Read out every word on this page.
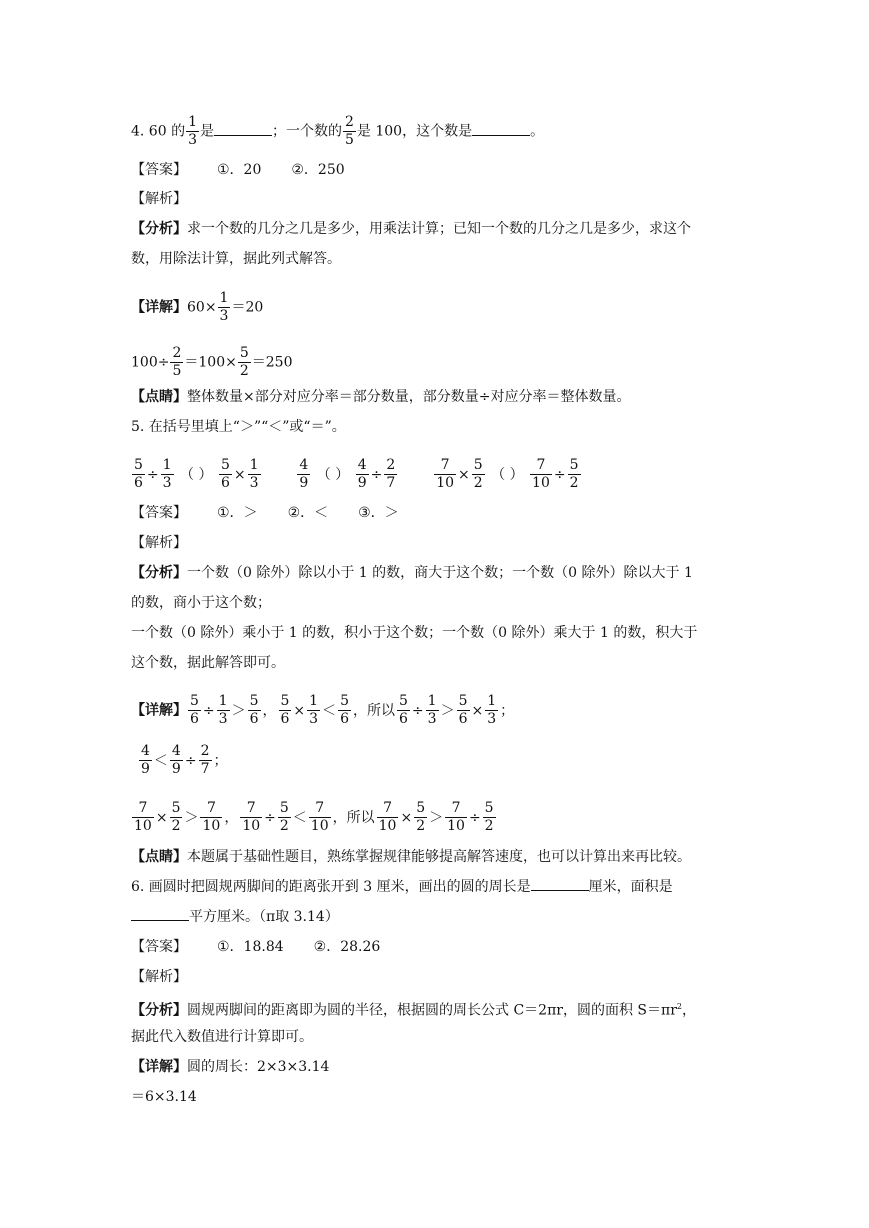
4. 60 的 $\frac{1}{3}$ 是	；一个数的 $\frac{2}{5}$ 是 100，这个数是	。
【答案】 ①．20 ②．250
【解析】
【分析】求一个数的几分之几是多少，用乘法计算；已知一个数的几分之几是多少，求这个
数，用除法计算，据此列式解答。
【详解】$60\times \frac{1}{3} =20$
$100\div \frac{2}{5} =100\times \frac{5}{2} =250$
【点睛】整体数量×部分对应分率＝部分数量，部分数量÷对应分率＝整体数量。
5. 在括号里填上“＞”“＜”或“＝”。
$\frac{5}{6} \div \frac{1}{3}$ （ ） $\frac{5}{6} \times \frac{1}{3}$
	$\frac{4}{9}$ （ ） $\frac{4}{9} \div \frac{2}{7}$
	$\frac{7}{10} \times \frac{5}{2}$ （ ） $\frac{7}{10} \div \frac{5}{2}$
【答案】 ①．＞ ②．＜ ③．＞
【解析】
【分析】一个数（0 除外）除以小于 1 的数，商大于这个数；一个数（0 除外）除以大于 1
的数，商小于这个数；
一个数（0 除外）乘小于 1 的数，积小于这个数；一个数（0 除外）乘大于 1 的数，积大于
这个数，据此解答即可。
【详解】 $\frac{5}{6} \div \frac{1}{3} > \frac{5}{6}$ ， $\frac{5}{6} \times \frac{1}{3} < \frac{5}{6}$ ，所以 $\frac{5}{6} \div \frac{1}{3} > \frac{5}{6} \times \frac{1}{3}$ ；
$\frac{4}{9} < \frac{4}{9} \div \frac{2}{7}$ ；
$\frac{7}{10} \times \frac{5}{2} > \frac{7}{10}$ ， $\frac{7}{10} \div \frac{5}{2} < \frac{7}{10}$ ，所以 $\frac{7}{10} \times \frac{5}{2} > \frac{7}{10} \div \frac{5}{2}$
【点睛】本题属于基础性题目，熟练掌握规律能够提高解答速度，也可以计算出来再比较。
6. 画圆时把圆规两脚间的距离张开到 3 厘米，画出的圆的周长是	厘米，面积是
平方厘米。（π取 3.14）
【答案】 ①．18.84 ②．28.26
【解析】
【分析】圆规两脚间的距离即为圆的半径，根据圆的周长公式 C＝2πr，圆的面积 $S=\pi r^2$，
据此代入数值进行计算即可。
【详解】圆的周长：2×3×3.14
＝6×3.14
